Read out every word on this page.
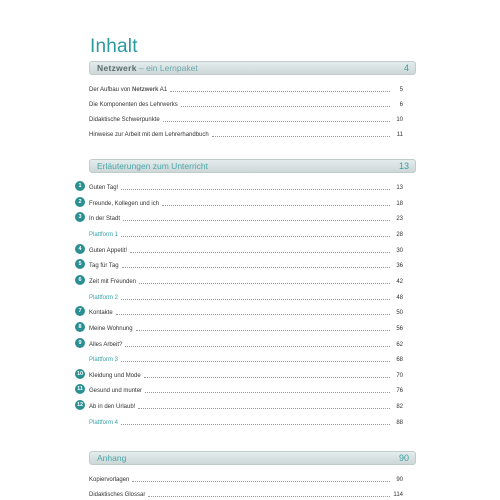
Inhalt
Netzwerk – ein Lernpaket	4
Der Aufbau von Netzwerk A1	5
Die Komponenten des Lehrwerks	6
Didaktische Schwerpunkte	10
Hinweise zur Arbeit mit dem Lehrerhandbuch	11
Erläuterungen zum Unterricht	13
1	Guten Tag!	13
2	Freunde, Kollegen und ich	18
3	In der Stadt	23
Plattform 1	28
4	Guten Appetit!	30
5	Tag für Tag	36
6	Zeit mit Freunden	42
Plattform 2	48
7	Kontakte	50
8	Meine Wohnung	56
9	Alles Arbeit?	62
Plattform 3	68
10 Kleidung und Mode	70
11	Gesund und munter	76
12 Ab in den Urlaub!	82
Plattform 4	88
Anhang	90
Kopiervorlagen	90
Didaktisches Glossar	114
